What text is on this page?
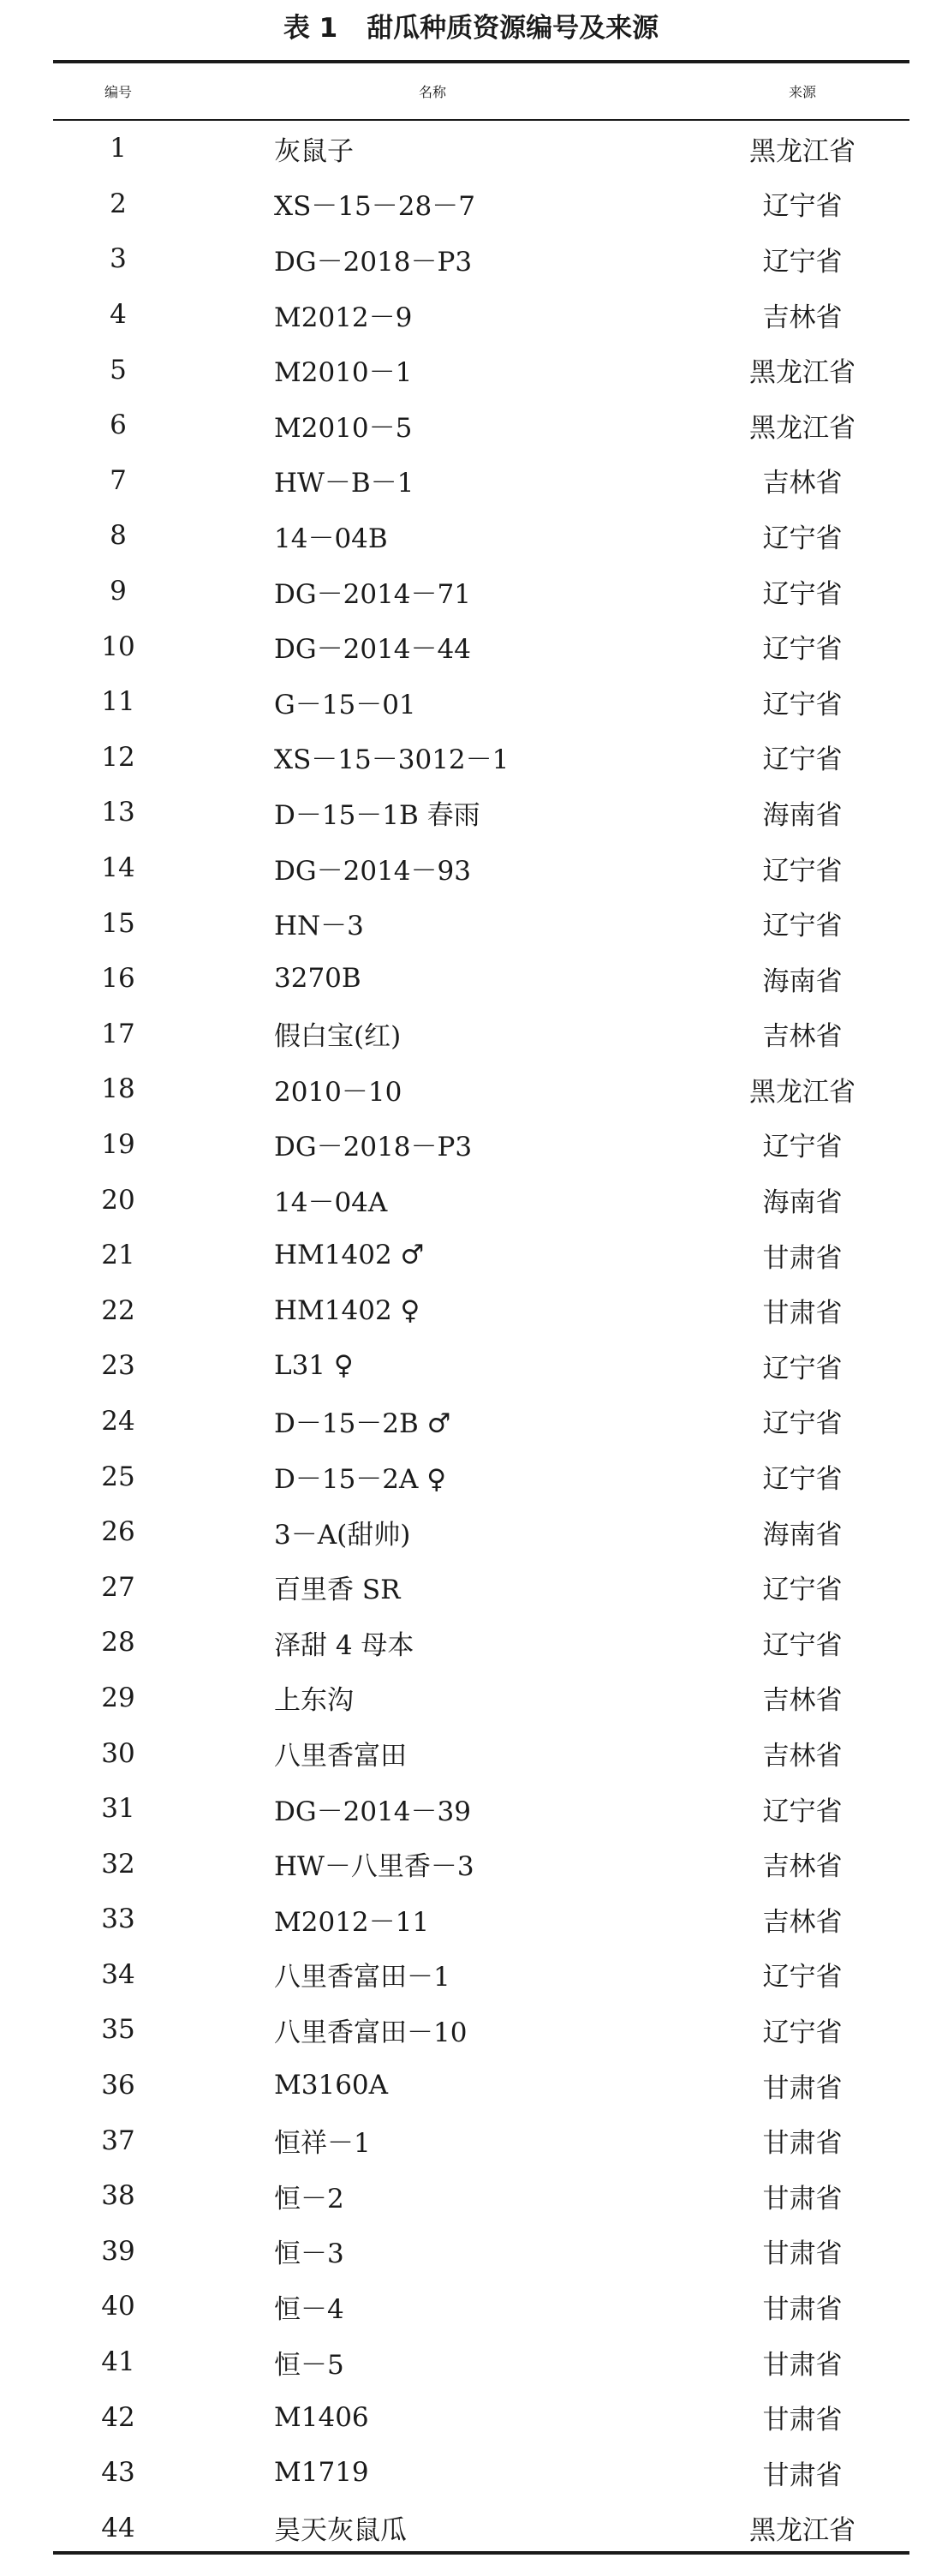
表 1 甜瓜种质资源编号及来源
编号	名称	来源
1	灰鼠子	黑龙江省
2	XS－15－28－7	辽宁省
3	DG－2018－P3	辽宁省
4	M2012－9	吉林省
5	M2010－1	黑龙江省
6	M2010－5	黑龙江省
7	HW－B－1	吉林省
8	14－04B	辽宁省
9	DG－2014－71	辽宁省
10	DG－2014－44	辽宁省
11	G－15－01	辽宁省
12	XS－15－3012－1	辽宁省
13	D－15－1B 春雨	海南省
14	DG－2014－93	辽宁省
15	HN－3	辽宁省
16	3270B	海南省
17	假白宝(红)	吉林省
18	2010－10	黑龙江省
19	DG－2018－P3	辽宁省
20	14－04A	海南省
21	HM1402 ♂	甘肃省
22	HM1402 ♀	甘肃省
23	L31 ♀	辽宁省
24	D－15－2B ♂	辽宁省
25	D－15－2A ♀	辽宁省
26	3－A(甜帅)	海南省
27	百里香 SR	辽宁省
28	泽甜 4 母本	辽宁省
29	上东沟	吉林省
30	八里香富田	吉林省
31	DG－2014－39	辽宁省
32	HW－八里香－3	吉林省
33	M2012－11	吉林省
34	八里香富田－1	辽宁省
35	八里香富田－10	辽宁省
36	M3160A	甘肃省
37	恒祥－1	甘肃省
38	恒－2	甘肃省
39	恒－3	甘肃省
40	恒－4	甘肃省
41	恒－5	甘肃省
42	M1406	甘肃省
43	M1719	甘肃省
44	昊天灰鼠瓜	黑龙江省
